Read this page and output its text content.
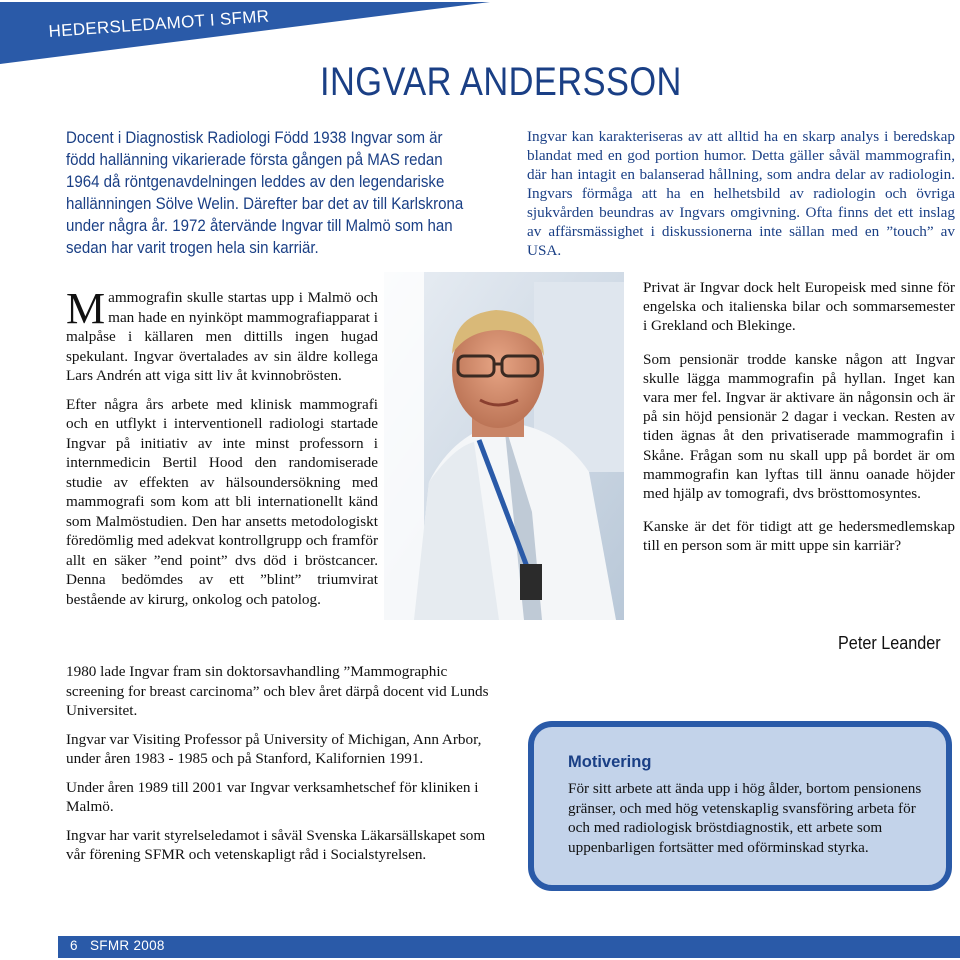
HEDERSLEDAMOT I SFMR
INGVAR ANDERSSON

Docent i Diagnostisk Radiologi Född 1938 Ingvar som är född hallänning vikarierade första gången på MAS redan 1964 då röntgenavdelningen leddes av den legendariske hallänningen Sölve Welin. Därefter bar det av till Karlskrona under några år. 1972 återvände Ingvar till Malmö som han sedan har varit trogen hela sin karriär.

Mammografin skulle startas upp i Malmö och man hade en nyinköpt mammografiapparat i malpåse i källaren men dittills ingen hugad spekulant. Ingvar övertalades av sin äldre kollega Lars Andrén att viga sitt liv åt kvinnobrösten.

Efter några års arbete med klinisk mammografi och en utflykt i interventionell radiologi startade Ingvar på initiativ av inte minst professorn i internmedicin Bertil Hood den randomiserade studie av effekten av hälsoundersökning med mammografi som kom att bli internationellt känd som Malmöstudien. Den har ansetts metodologiskt föredömlig med adekvat kontrollgrupp och framför allt en säker ”end point” dvs död i bröstcancer. Denna bedömdes av ett ”blint” triumvirat bestående av kirurg, onkolog och patolog.

1980 lade Ingvar fram sin doktorsavhandling ”Mammographic screening for breast carcinoma” och blev året därpå docent vid Lunds Universitet.

Ingvar var Visiting Professor på University of Michigan, Ann Arbor, under åren 1983 - 1985 och på Stanford, Kalifornien 1991.

Under åren 1989 till 2001 var Ingvar verksamhetschef för kliniken i Malmö.

Ingvar har varit styrelseledamot i såväl Svenska Läkarsällskapet som vår förening SFMR och vetenskapligt råd i Socialstyrelsen.

Ingvar kan karakteriseras av att alltid ha en skarp analys i beredskap blandat med en god portion humor. Detta gäller såväl mammografin, där han intagit en balanserad hållning, som andra delar av radiologin. Ingvars förmåga att ha en helhetsbild av radiologin och övriga sjukvården beundras av Ingvars omgivning. Ofta finns det ett inslag av affärsmässighet i diskussionerna inte sällan med en ”touch” av USA.

Privat är Ingvar dock helt Europeisk med sinne för engelska och italienska bilar och sommarsemester i Grekland och Blekinge.

Som pensionär trodde kanske någon att Ingvar skulle lägga mammografin på hyllan. Inget kan vara mer fel. Ingvar är aktivare än någonsin och är på sin höjd pensionär 2 dagar i veckan. Resten av tiden ägnas åt den privatiserade mammografin i Skåne. Frågan som nu skall upp på bordet är om mammografin kan lyftas till ännu oanade höjder med hjälp av tomografi, dvs brösttomosyntes.

Kanske är det för tidigt att ge hedersmedlemskap till en person som är mitt uppe sin karriär?

Peter Leander

Motivering

För sitt arbete att ända upp i hög ålder, bortom pensionens gränser, och med hög vetenskaplig svansföring arbeta för och med radiologisk bröstdiagnostik, ett arbete som uppenbarligen fortsätter med oförminskad styrka.

6 SFMR 2008
